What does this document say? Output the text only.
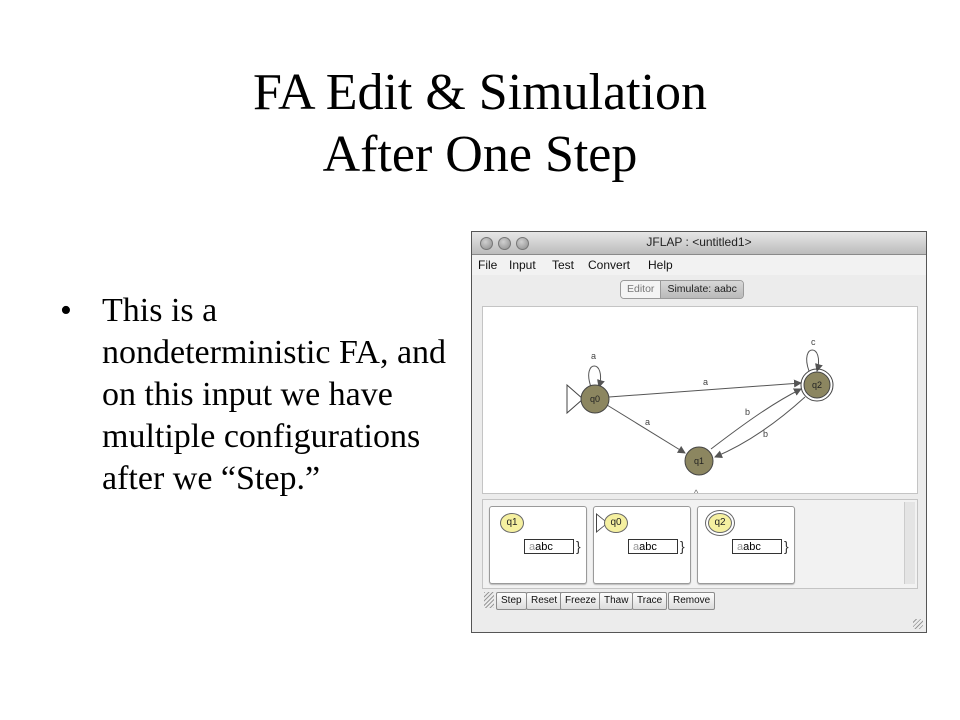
FA Edit & Simulation
After One Step
• This is a nondeterministic FA, and on this input we have multiple configurations after we “Step.”
JFLAP : <untitled1>
File Input Test Convert Help
Editor	Simulate: aabc
a
a
a
b
b
c
q0
q1
q2
^
q1
aabc	}
q0
aabc	}
q2
aabc	}
Step Reset Freeze Thaw Trace	Remove
